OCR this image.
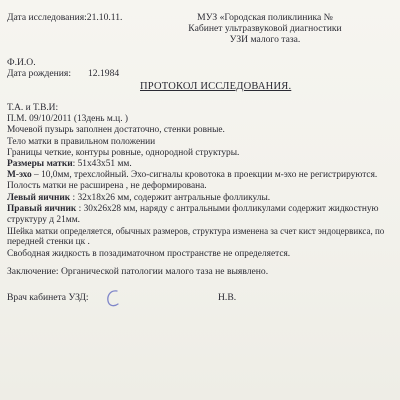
Дата исследования:21.10.11.	МУЗ «Городская поликлиника №
Кабинет ультразвуковой диагностики
УЗИ малого таза.
Ф.И.О.
Дата рождения: 12.1984
ПРОТОКОЛ ИССЛЕДОВАНИЯ.
Т.А. и Т.В.И:
П.М. 09/10/2011 (13день м.ц. )
Мочевой пузырь заполнен достаточно, стенки ровные.
Тело матки в правильном положении
Границы четкие, контуры ровные, однородной структуры.
Размеры матки: 51х43х51 мм.
М-эхо – 10,0мм, трехслойный. Эхо-сигналы кровотока в проекции м-эхо не регистрируются.
Полость матки не расширена , не деформирована.
Левый яичник : 32х18х26 мм, содержит антральные фолликулы.
Правый яичник : 30х26х28 мм, наряду с антральными фолликулами содержит жидкостную
структуру д 21мм.
Шейка матки определяется, обычных размеров, структура изменена за счет кист эндоцервикса, по
передней стенки цк .
Свободная жидкость в позадиматочном пространстве не определяется.
Заключение: Органической патологии малого таза не выявлено.
Врач кабинета УЗД:	Н.В.
